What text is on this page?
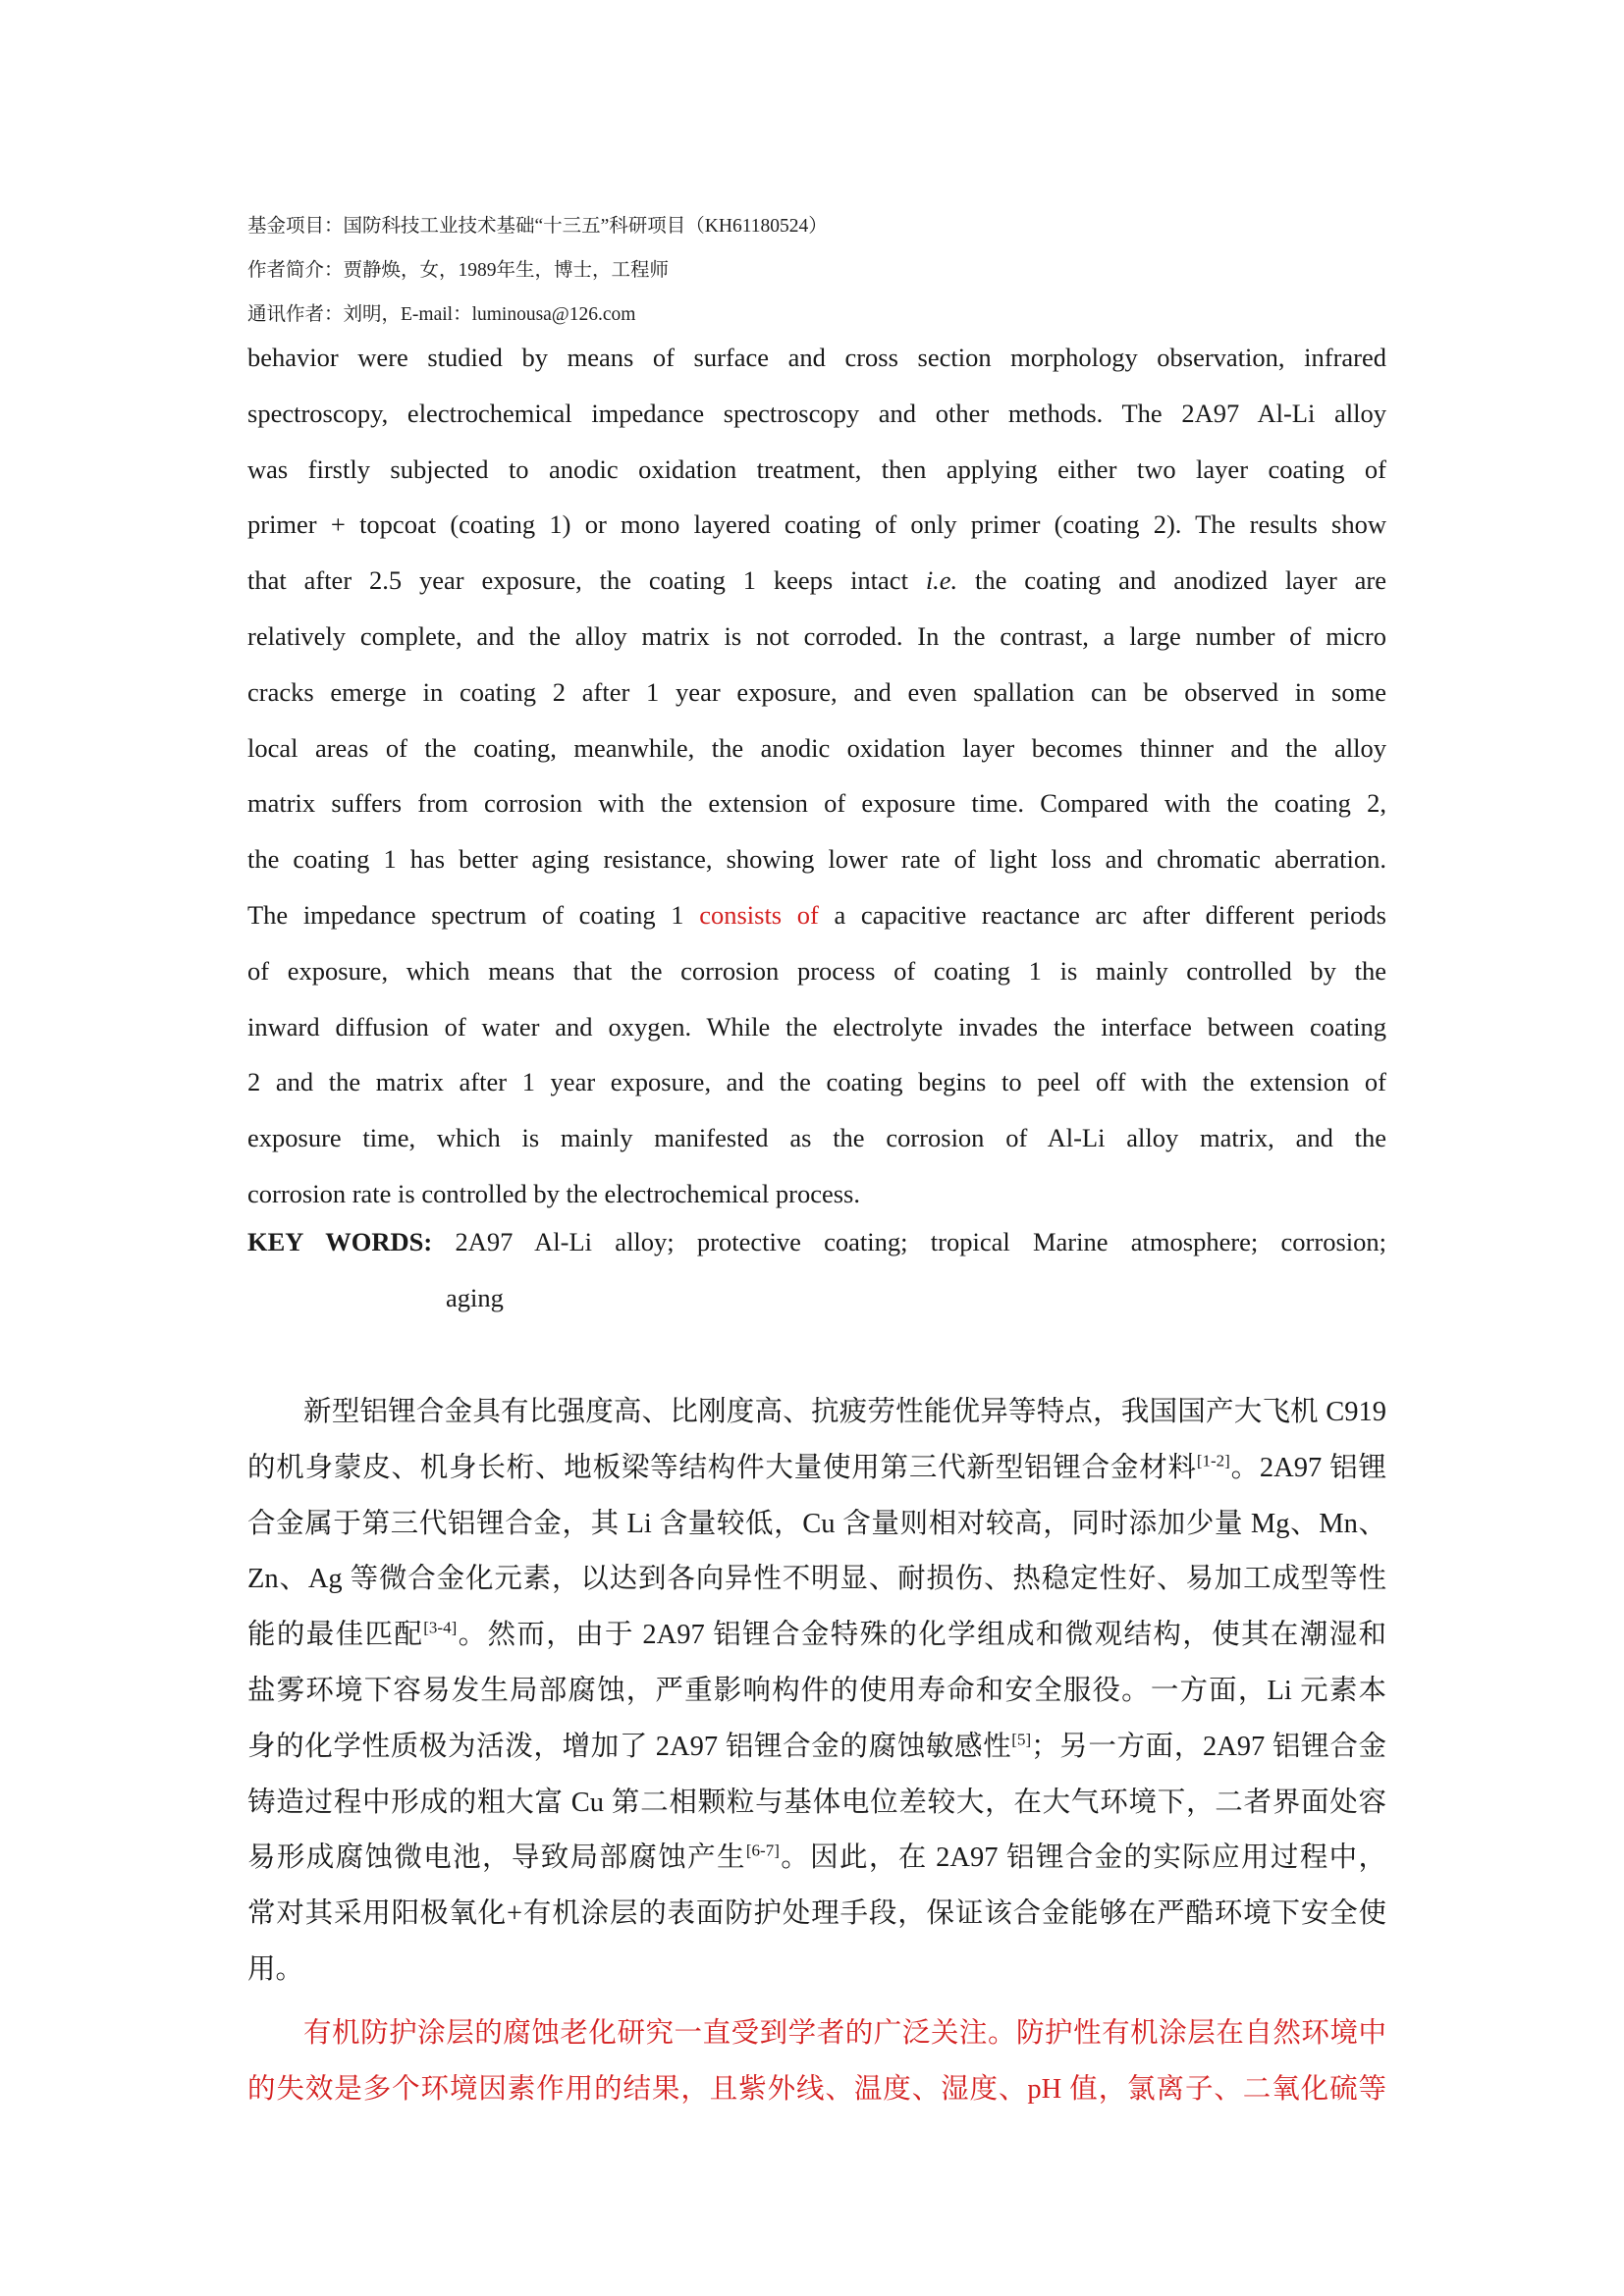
基金项目：国防科技工业技术基础“十三五”科研项目（KH61180524）
作者简介：贾静焕，女，1989年生，博士，工程师
通讯作者：刘明，E-mail：luminousa@126.com
behavior were studied by means of surface and cross section morphology observation, infrared
spectroscopy, electrochemical impedance spectroscopy and other methods. The 2A97 Al-Li alloy
was firstly subjected to anodic oxidation treatment, then applying either two layer coating of
primer + topcoat (coating 1) or mono layered coating of only primer (coating 2). The results show
that after 2.5 year exposure, the coating 1 keeps intact i.e. the coating and anodized layer are
relatively complete, and the alloy matrix is not corroded. In the contrast, a large number of micro
cracks emerge in coating 2 after 1 year exposure, and even spallation can be observed in some
local areas of the coating, meanwhile, the anodic oxidation layer becomes thinner and the alloy
matrix suffers from corrosion with the extension of exposure time. Compared with the coating 2,
the coating 1 has better aging resistance, showing lower rate of light loss and chromatic aberration.
The impedance spectrum of coating 1 consists of a capacitive reactance arc after different periods
of exposure, which means that the corrosion process of coating 1 is mainly controlled by the
inward diffusion of water and oxygen. While the electrolyte invades the interface between coating
2 and the matrix after 1 year exposure, and the coating begins to peel off with the extension of
exposure time, which is mainly manifested as the corrosion of Al-Li alloy matrix, and the
corrosion rate is controlled by the electrochemical process.
KEY WORDS: 2A97 Al-Li alloy; protective coating; tropical Marine atmosphere; corrosion;
aging
新型铝锂合金具有比强度高、比刚度高、抗疲劳性能优异等特点，我国国产大飞机 C919
的机身蒙皮、机身长桁、地板梁等结构件大量使用第三代新型铝锂合金材料[1-2]。2A97 铝锂
合金属于第三代铝锂合金，其 Li 含量较低，Cu 含量则相对较高，同时添加少量 Mg、Mn、
Zn、Ag 等微合金化元素，以达到各向异性不明显、耐损伤、热稳定性好、易加工成型等性
能的最佳匹配[3-4]。然而，由于 2A97 铝锂合金特殊的化学组成和微观结构，使其在潮湿和
盐雾环境下容易发生局部腐蚀，严重影响构件的使用寿命和安全服役。一方面，Li 元素本
身的化学性质极为活泼，增加了 2A97 铝锂合金的腐蚀敏感性[5]；另一方面，2A97 铝锂合金
铸造过程中形成的粗大富 Cu 第二相颗粒与基体电位差较大，在大气环境下，二者界面处容
易形成腐蚀微电池，导致局部腐蚀产生[6-7]。因此，在 2A97 铝锂合金的实际应用过程中，
常对其采用阳极氧化+有机涂层的表面防护处理手段，保证该合金能够在严酷环境下安全使
用。
有机防护涂层的腐蚀老化研究一直受到学者的广泛关注。防护性有机涂层在自然环境中
的失效是多个环境因素作用的结果，且紫外线、温度、湿度、pH 值，氯离子、二氧化硫等
